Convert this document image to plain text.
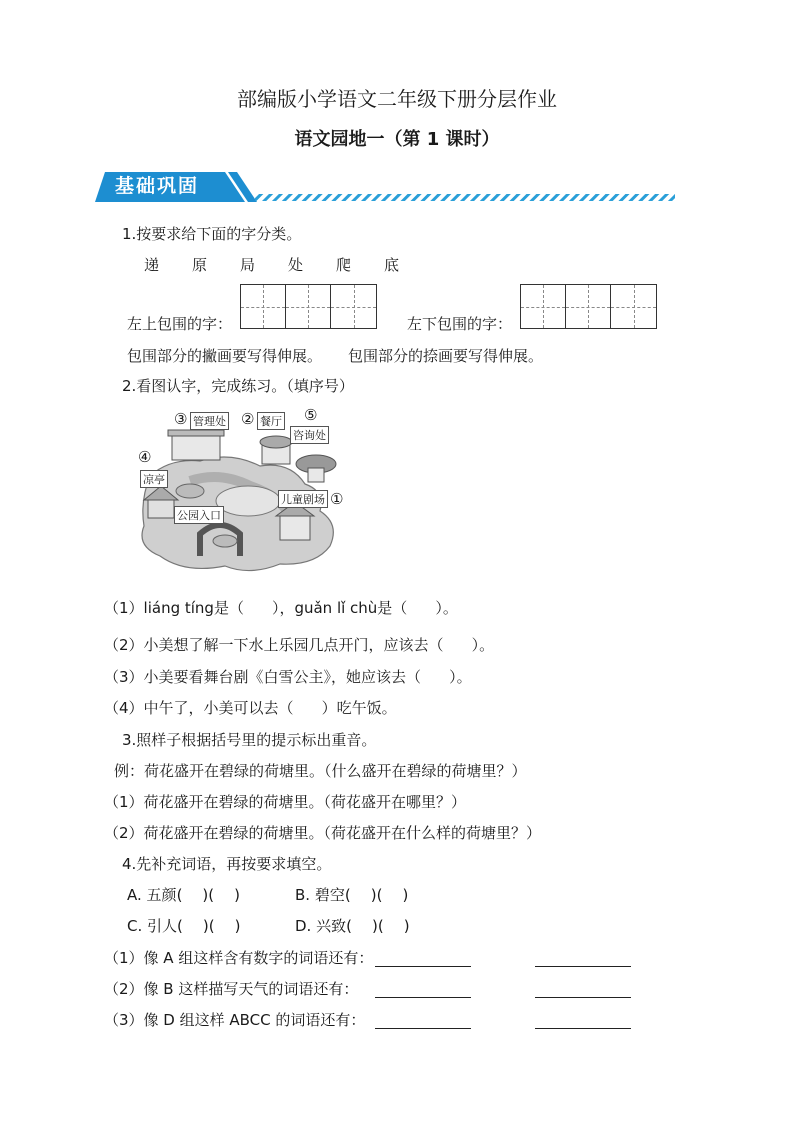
部编版小学语文二年级下册分层作业
语文园地一（第 1 课时）
基础巩固
1.按要求给下面的字分类。
递 原 局 处 爬 底
左上包围的字：	左下包围的字：
包围部分的撇画要写得伸展。 包围部分的捺画要写得伸展。
2.看图认字，完成练习。（填序号）
③ 管理处 ② 餐厅 ⑤
咨询处
④
凉亭
儿童剧场 ①
公园入口
（1）liáng tíng是（ ），guǎn lǐ chù是（ ）。
（2）小美想了解一下水上乐园几点开门，应该去（ ）。
（3）小美要看舞台剧《白雪公主》，她应该去（ ）。
（4）中午了，小美可以去（ ）吃午饭。
3.照样子根据括号里的提示标出重音。
例：荷花盛开在碧绿的荷塘里。（什么盛开在碧绿的荷塘里？）
（1）荷花盛开在碧绿的荷塘里。（荷花盛开在哪里？）
（2）荷花盛开在碧绿的荷塘里。（荷花盛开在什么样的荷塘里？）
4.先补充词语，再按要求填空。
A. 五颜( )( )	B. 碧空( )( )
C. 引人( )( )	D. 兴致( )( )
（1）像 A 组这样含有数字的词语还有：
（2）像 B 这样描写天气的词语还有：
（3）像 D 组这样 ABCC 的词语还有：
